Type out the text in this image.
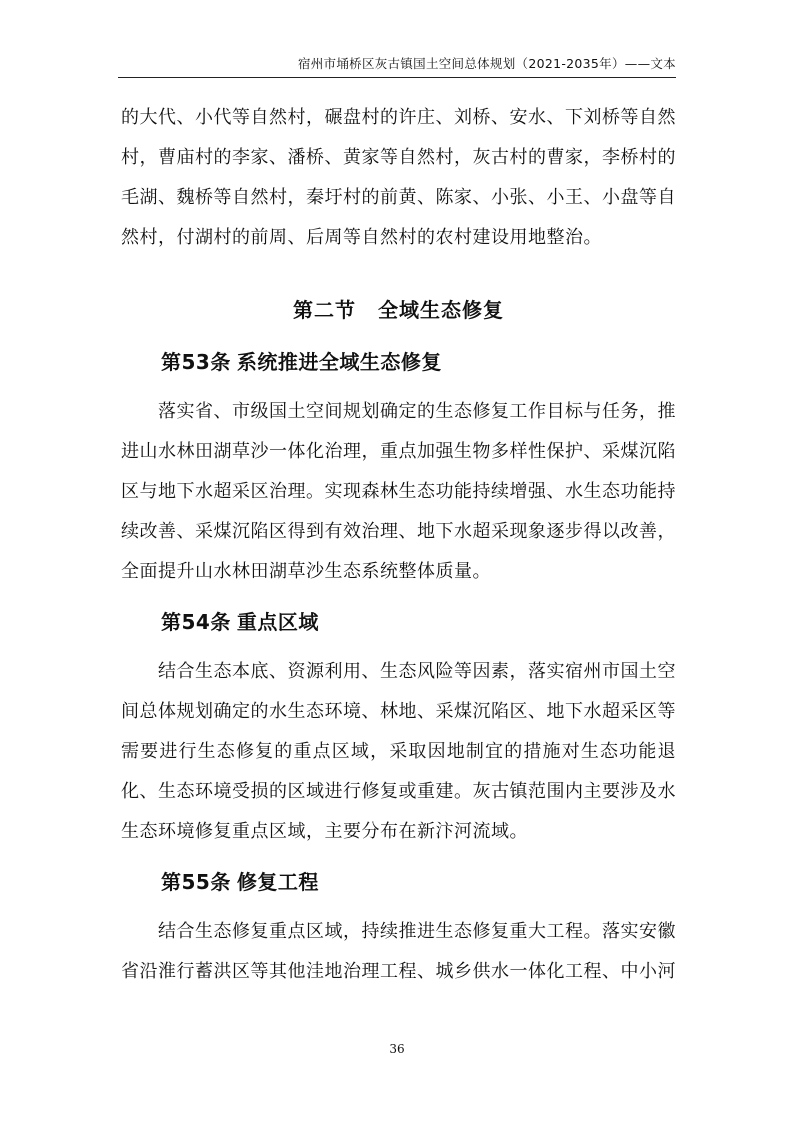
宿州市埇桥区灰古镇国土空间总体规划（2021-2035年）——文本

的大代、小代等自然村，碾盘村的许庄、刘桥、安水、下刘桥等自然村，曹庙村的李家、潘桥、黄家等自然村，灰古村的曹家，李桥村的毛湖、魏桥等自然村，秦圩村的前黄、陈家、小张、小王、小盘等自然村，付湖村的前周、后周等自然村的农村建设用地整治。

第二节 全域生态修复
第53条 系统推进全域生态修复

落实省、市级国土空间规划确定的生态修复工作目标与任务，推进山水林田湖草沙一体化治理，重点加强生物多样性保护、采煤沉陷区与地下水超采区治理。实现森林生态功能持续增强、水生态功能持续改善、采煤沉陷区得到有效治理、地下水超采现象逐步得以改善，全面提升山水林田湖草沙生态系统整体质量。

第54条 重点区域

结合生态本底、资源利用、生态风险等因素，落实宿州市国土空间总体规划确定的水生态环境、林地、采煤沉陷区、地下水超采区等需要进行生态修复的重点区域，采取因地制宜的措施对生态功能退化、生态环境受损的区域进行修复或重建。灰古镇范围内主要涉及水生态环境修复重点区域，主要分布在新汴河流域。

第55条 修复工程

结合生态修复重点区域，持续推进生态修复重大工程。落实安徽省沿淮行蓄洪区等其他洼地治理工程、城乡供水一体化工程、中小河

36
